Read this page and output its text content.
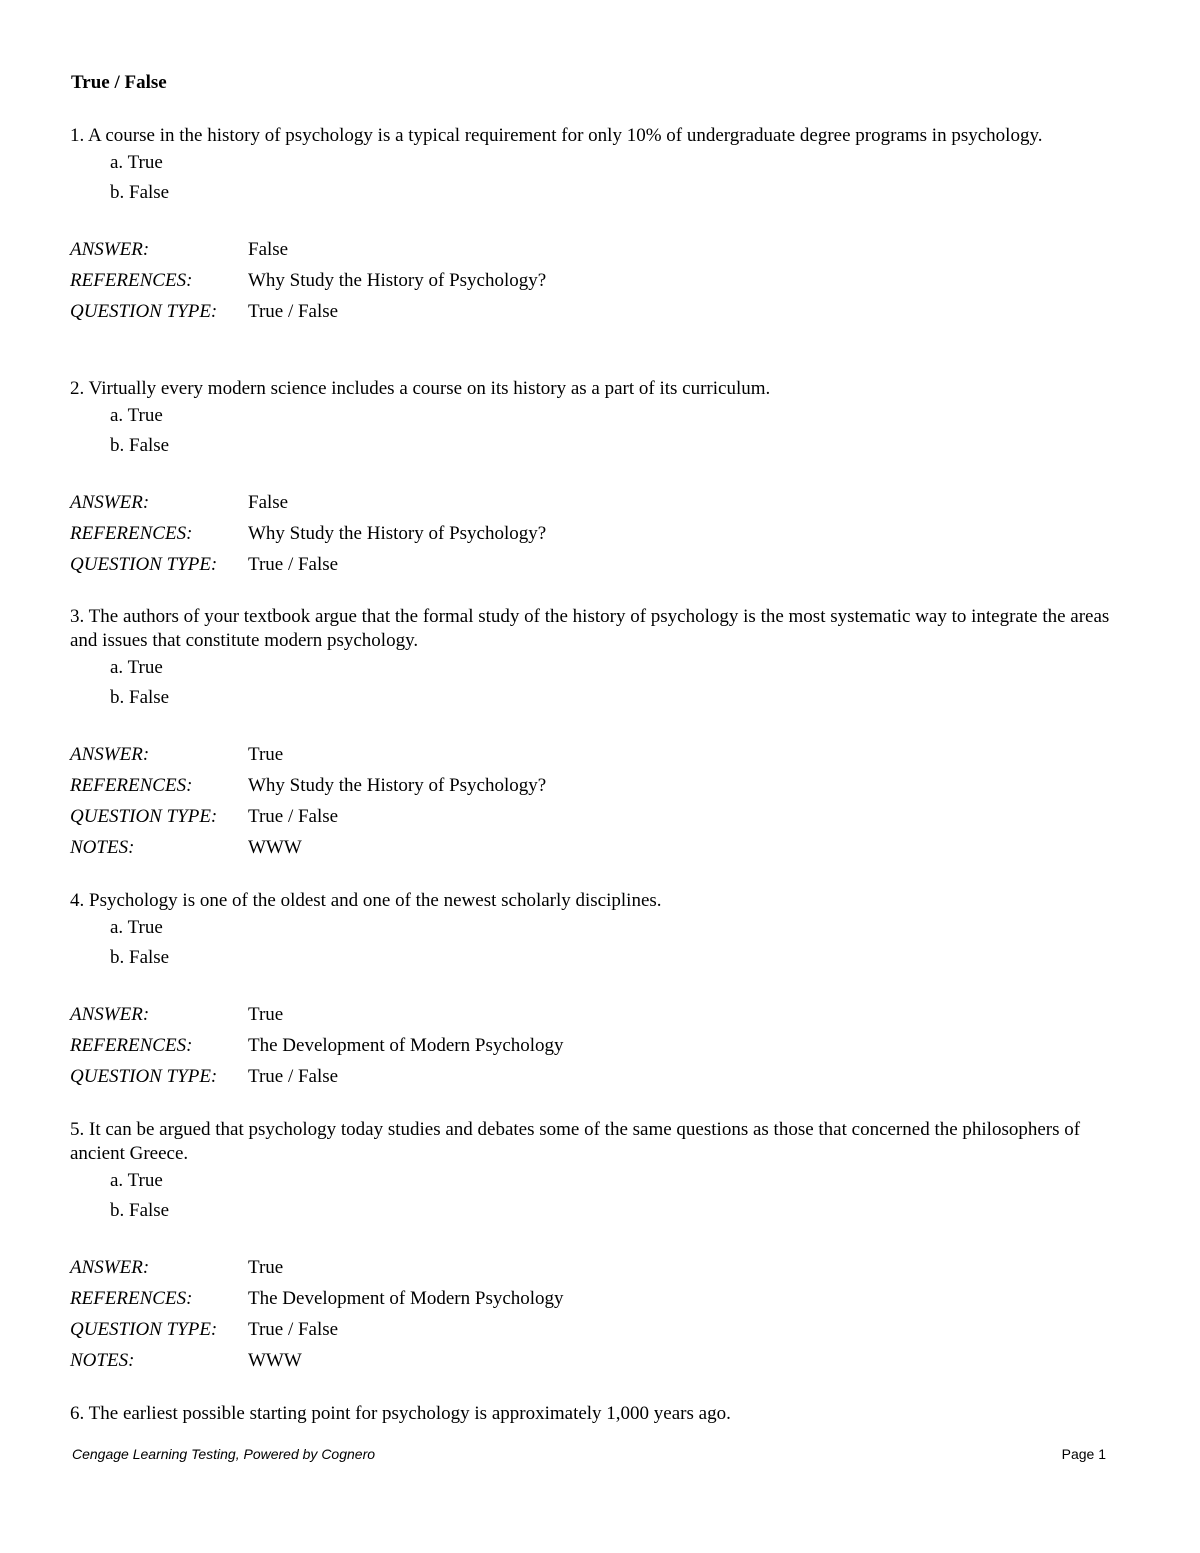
True / False

1. A course in the history of psychology is a typical requirement for only 10% of undergraduate degree programs in psychology.

a. True
b. False
ANSWER:	False
REFERENCES:	Why Study the History of Psychology?
QUESTION TYPE:	True / False

2. Virtually every modern science includes a course on its history as a part of its curriculum.

a. True
b. False
ANSWER:	False
REFERENCES:	Why Study the History of Psychology?
QUESTION TYPE:	True / False

3. The authors of your textbook argue that the formal study of the history of psychology is the most systematic way to integrate the areas and issues that constitute modern psychology.

a. True
b. False
ANSWER:	True
REFERENCES:	Why Study the History of Psychology?
QUESTION TYPE:	True / False
NOTES:	WWW

4. Psychology is one of the oldest and one of the newest scholarly disciplines.

a. True
b. False
ANSWER:	True
REFERENCES:	The Development of Modern Psychology
QUESTION TYPE:	True / False

5. It can be argued that psychology today studies and debates some of the same questions as those that concerned the philosophers of ancient Greece.

a. True
b. False
ANSWER:	True
REFERENCES:	The Development of Modern Psychology
QUESTION TYPE:	True / False
NOTES:	WWW

6. The earliest possible starting point for psychology is approximately 1,000 years ago.

Cengage Learning Testing, Powered by Cognero	Page 1
